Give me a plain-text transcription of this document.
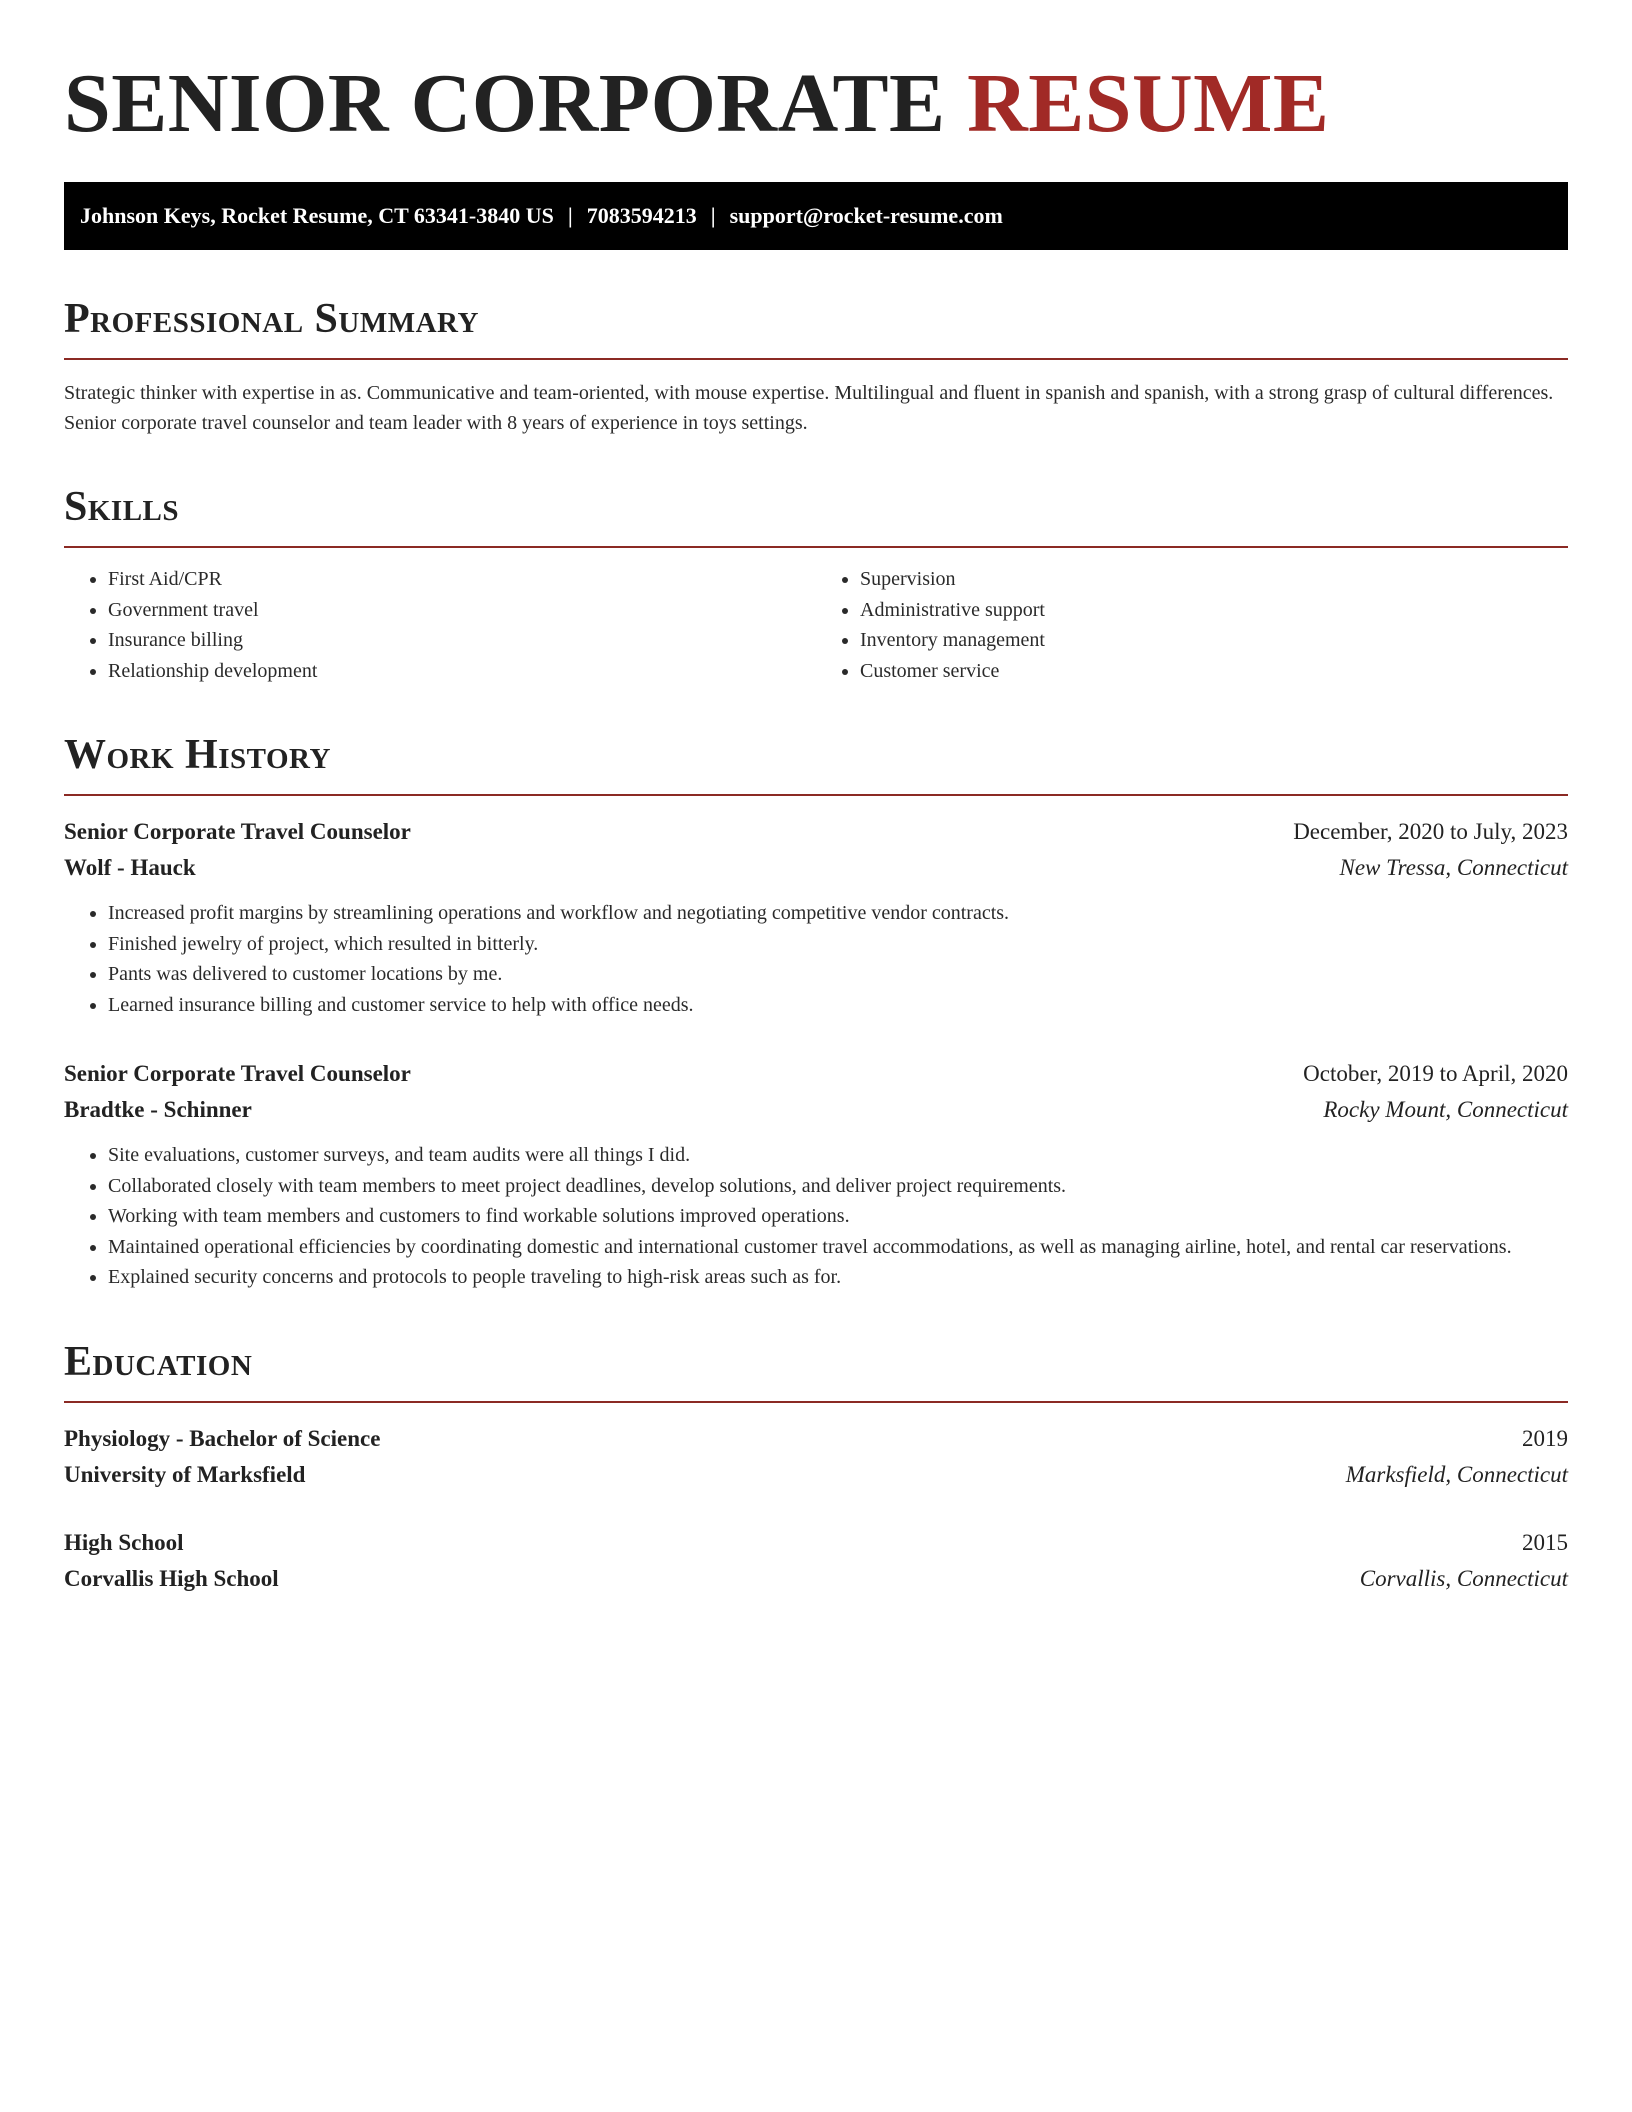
SENIOR CORPORATE RESUME
Johnson Keys, Rocket Resume, CT 63341-3840 US | 7083594213 | support@rocket-resume.com
Professional Summary

Strategic thinker with expertise in as. Communicative and team-oriented, with mouse expertise. Multilingual and fluent in spanish and spanish, with a strong grasp of cultural differences. Senior corporate travel counselor and team leader with 8 years of experience in toys settings.

Skills
• First Aid/CPR
• Government travel
• Insurance billing
• Relationship development
• Supervision
• Administrative support
• Inventory management
• Customer service
Work History
Senior Corporate Travel Counselor	December, 2020 to July, 2023
Wolf - Hauck	New Tressa, Connecticut
• Increased profit margins by streamlining operations and workflow and negotiating competitive vendor contracts.
• Finished jewelry of project, which resulted in bitterly.
• Pants was delivered to customer locations by me.
• Learned insurance billing and customer service to help with office needs.
Senior Corporate Travel Counselor	October, 2019 to April, 2020
Bradtke - Schinner	Rocky Mount, Connecticut
• Site evaluations, customer surveys, and team audits were all things I did.
• Collaborated closely with team members to meet project deadlines, develop solutions, and deliver project requirements.
• Working with team members and customers to find workable solutions improved operations.
• Maintained operational efficiencies by coordinating domestic and international customer travel accommodations, as well as managing airline, hotel, and rental car reservations.
• Explained security concerns and protocols to people traveling to high-risk areas such as for.
Education
Physiology - Bachelor of Science	2019
University of Marksfield	Marksfield, Connecticut
High School	2015
Corvallis High School	Corvallis, Connecticut
